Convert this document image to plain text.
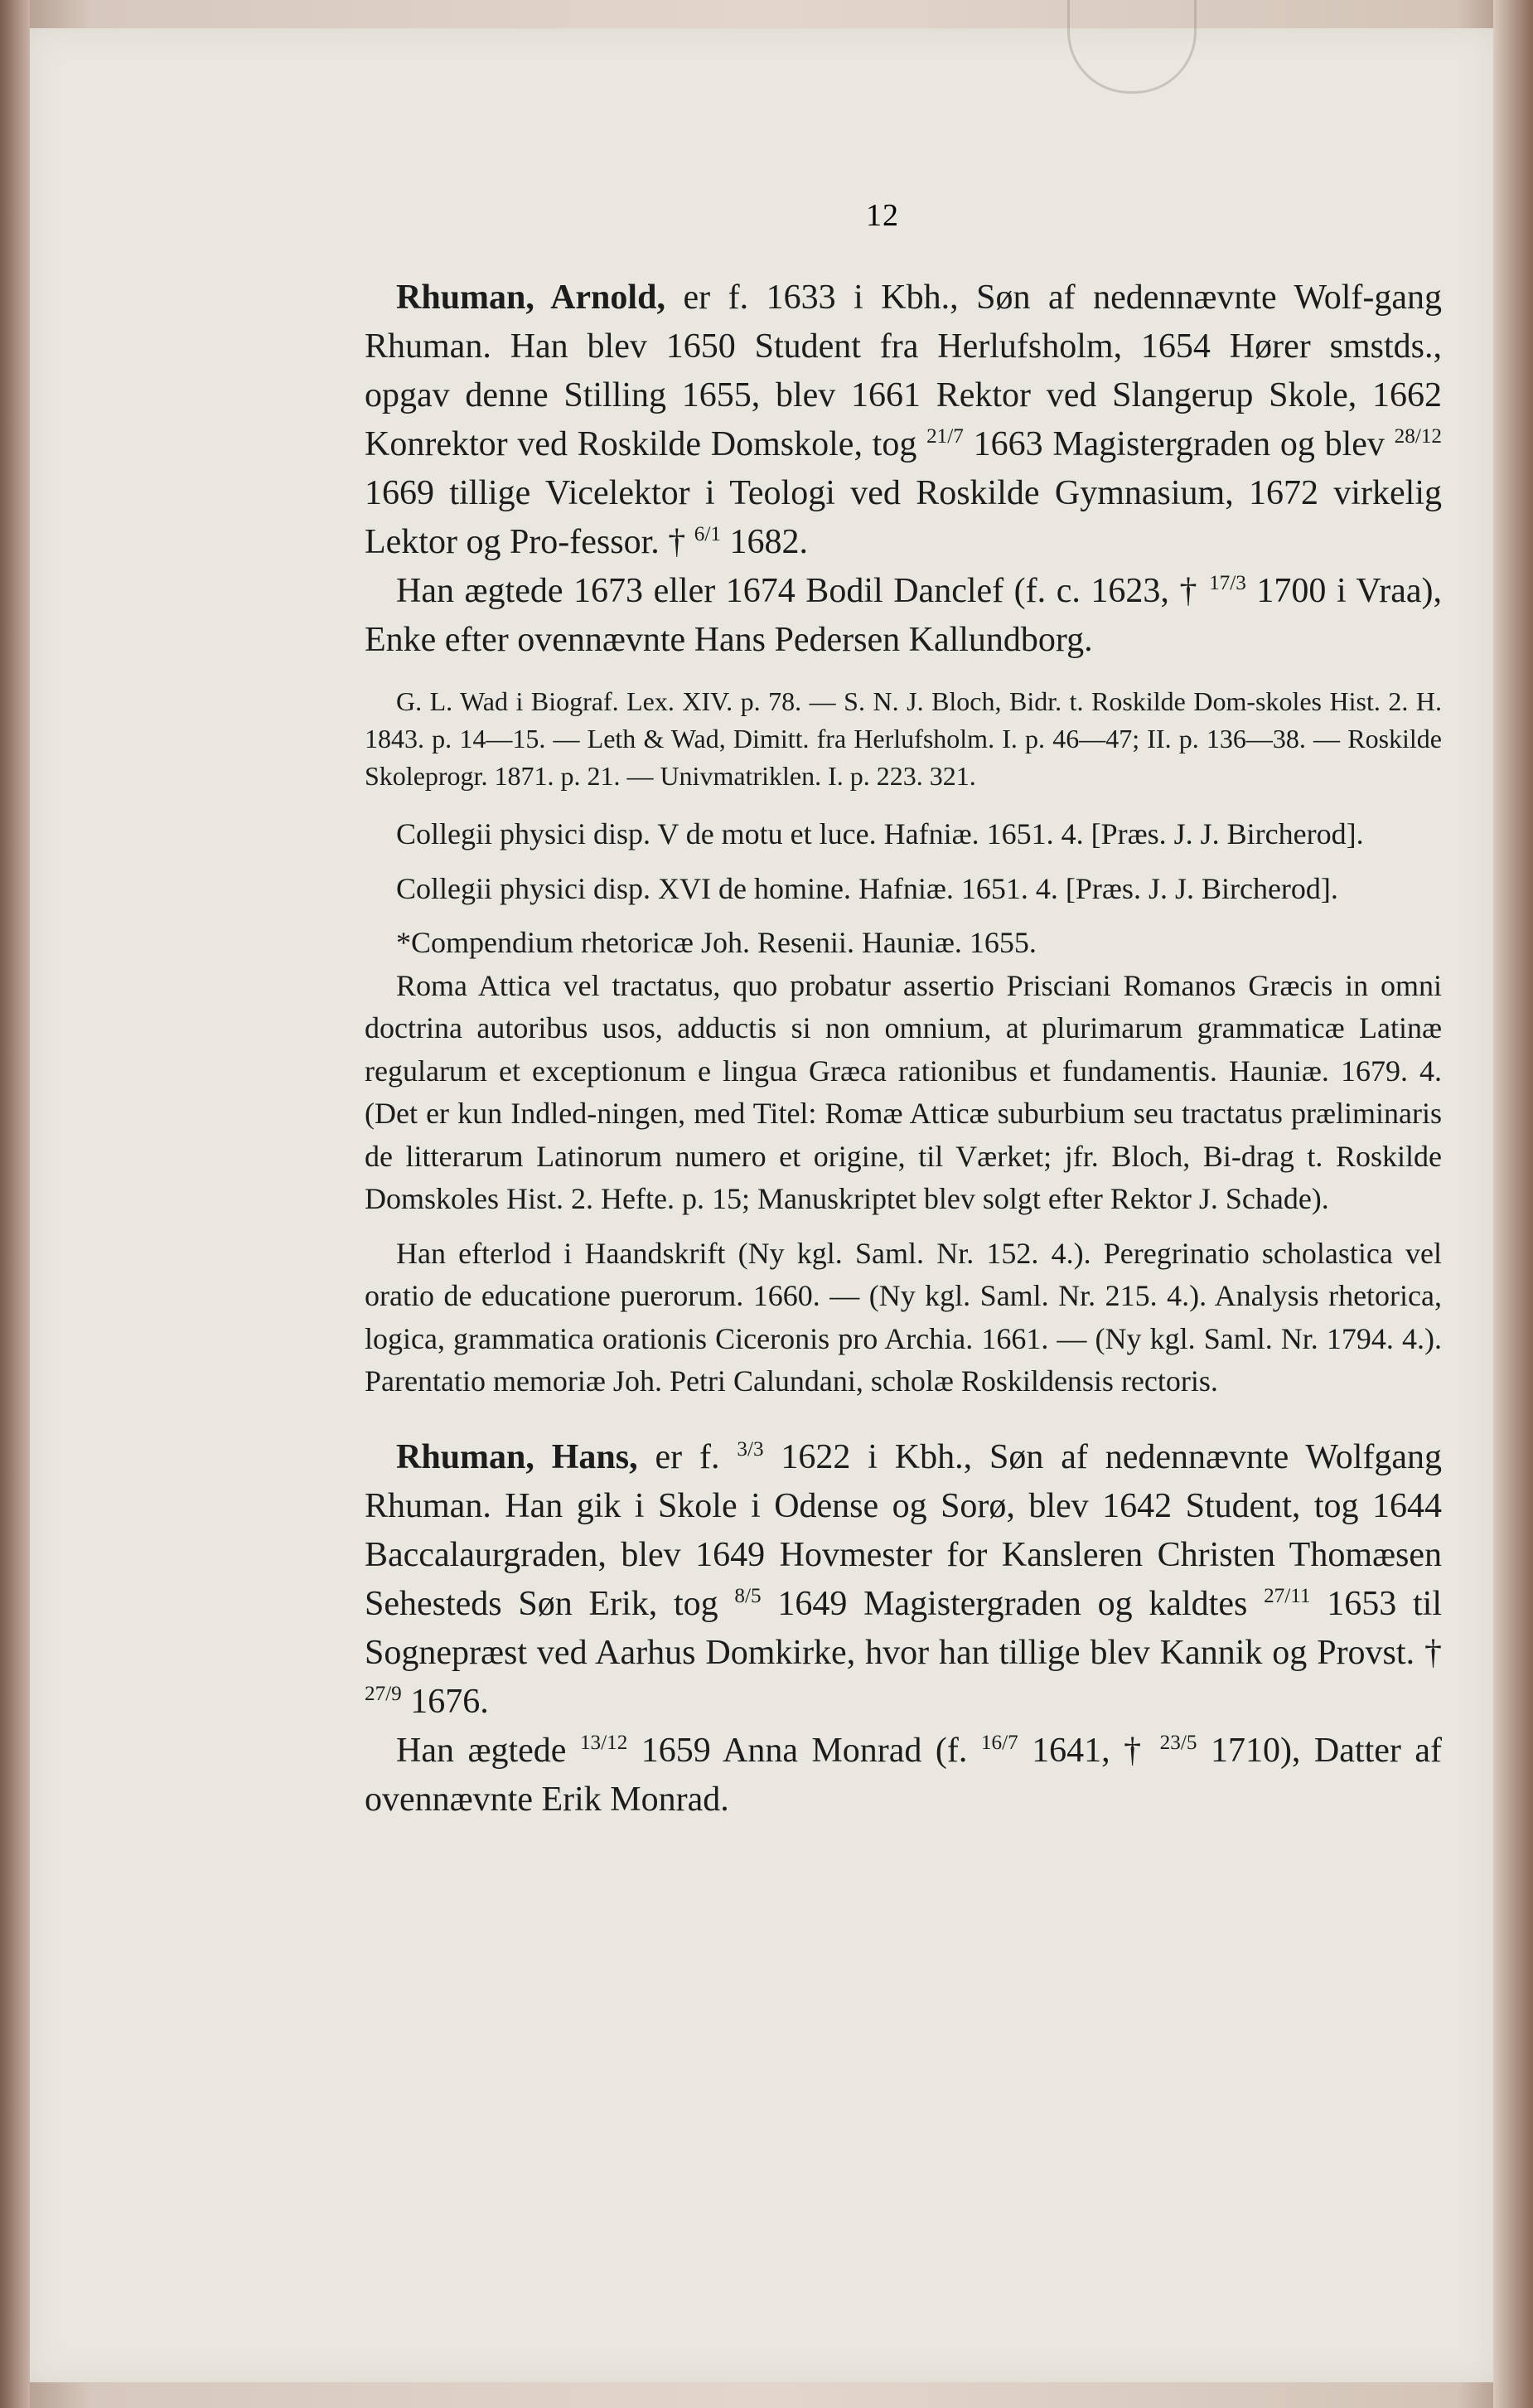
12

Rhuman, Arnold, er f. 1633 i Kbh., Søn af nedennævnte Wolf-gang Rhuman. Han blev 1650 Student fra Herlufsholm, 1654 Hører smstds., opgav denne Stilling 1655, blev 1661 Rektor ved Slangerup Skole, 1662 Konrektor ved Roskilde Domskole, tog $^{21/7}$ 1663 Magistergraden og blev $^{28/12}$ 1669 tillige Vicelektor i Teologi ved Roskilde Gymnasium, 1672 virkelig Lektor og Pro-fessor. † $^{6/1}$ 1682.

Han ægtede 1673 eller 1674 Bodil Danclef (f. c. 1623, † $^{17/3}$ 1700 i Vraa), Enke efter ovennævnte Hans Pedersen Kallundborg.

G. L. Wad i Biograf. Lex. XIV. p. 78. — S. N. J. Bloch, Bidr. t. Roskilde Dom-skoles Hist. 2. H. 1843. p. 14—15. — Leth & Wad, Dimitt. fra Herlufsholm. I. p. 46—47; II. p. 136—38. — Roskilde Skoleprogr. 1871. p. 21. — Univmatriklen. I. p. 223. 321.

Collegii physici disp. V de motu et luce. Hafniæ. 1651. 4. [Præs. J. J. Bircherod].

Collegii physici disp. XVI de homine. Hafniæ. 1651. 4. [Præs. J. J. Bircherod].

*Compendium rhetoricæ Joh. Resenii. Hauniæ. 1655.

Roma Attica vel tractatus, quo probatur assertio Prisciani Romanos Græcis in omni doctrina autoribus usos, adductis si non omnium, at plurimarum grammaticæ Latinæ regularum et exceptionum e lingua Græca rationibus et fundamentis. Hauniæ. 1679. 4. (Det er kun Indled-ningen, med Titel: Romæ Atticæ suburbium seu tractatus præliminaris de litterarum Latinorum numero et origine, til Værket; jfr. Bloch, Bi-drag t. Roskilde Domskoles Hist. 2. Hefte. p. 15; Manuskriptet blev solgt efter Rektor J. Schade).

Han efterlod i Haandskrift (Ny kgl. Saml. Nr. 152. 4.). Peregrinatio scholastica vel oratio de educatione puerorum. 1660. — (Ny kgl. Saml. Nr. 215. 4.). Analysis rhetorica, logica, grammatica orationis Ciceronis pro Archia. 1661. — (Ny kgl. Saml. Nr. 1794. 4.). Parentatio memoriæ Joh. Petri Calundani, scholæ Roskildensis rectoris.

Rhuman, Hans, er f. $^{3/3}$ 1622 i Kbh., Søn af nedennævnte Wolfgang Rhuman. Han gik i Skole i Odense og Sorø, blev 1642 Student, tog 1644 Baccalaurgraden, blev 1649 Hovmester for Kansleren Christen Thomæsen Sehesteds Søn Erik, tog $^{8/5}$ 1649 Magistergraden og kaldtes $^{27/11}$ 1653 til Sognepræst ved Aarhus Domkirke, hvor han tillige blev Kannik og Provst. † $^{27/9}$ 1676.

Han ægtede $^{13/12}$ 1659 Anna Monrad (f. $^{16/7}$ 1641, † $^{23/5}$ 1710), Datter af ovennævnte Erik Monrad.
